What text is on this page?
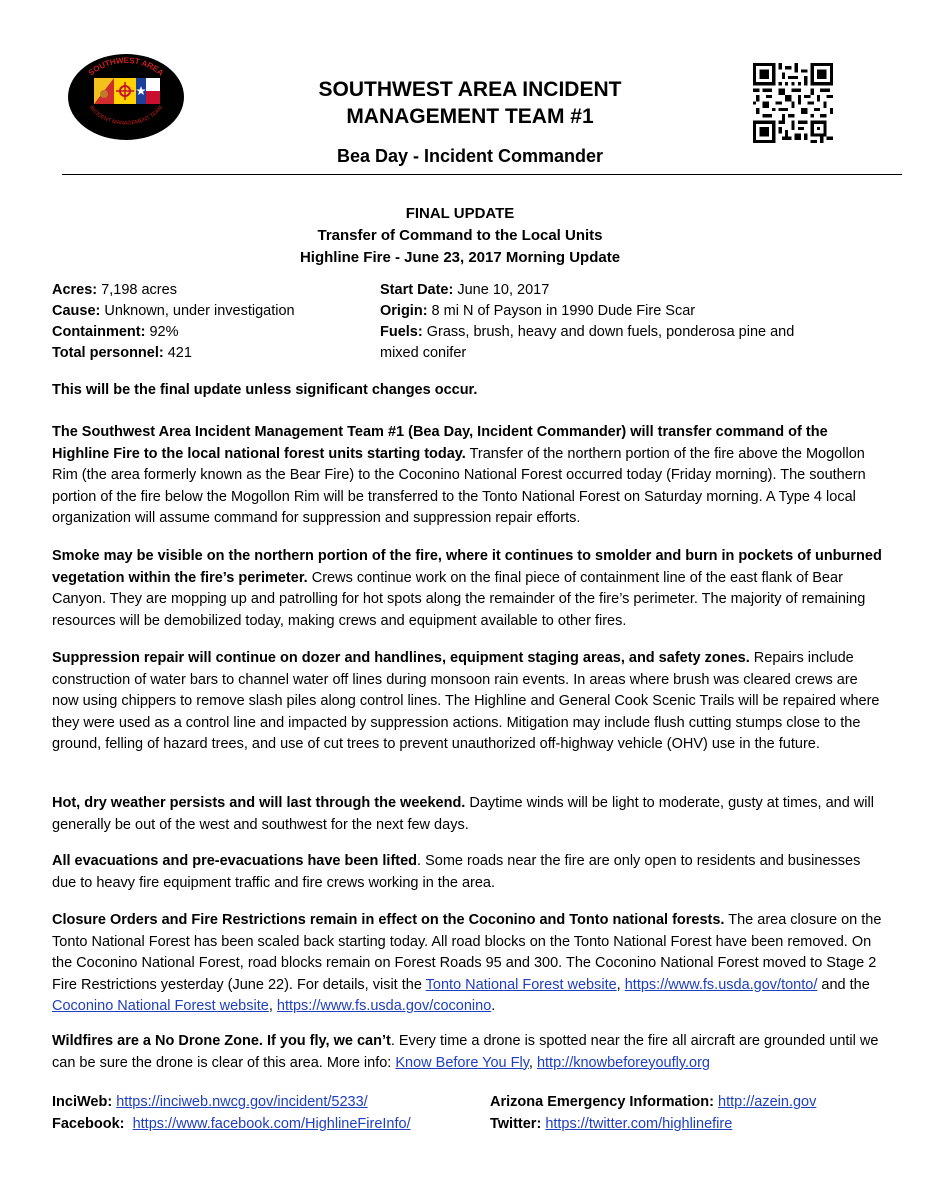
SOUTHWEST AREA
INCIDENT MANAGEMENT TEAM
SOUTHWEST AREA INCIDENT
MANAGEMENT TEAM #1
Bea Day - Incident Commander
FINAL UPDATE
Transfer of Command to the Local Units
Highline Fire - June 23, 2017 Morning Update
Acres: 7,198 acres
Cause: Unknown, under investigation
Containment: 92%
Total personnel: 421
Start Date: June 10, 2017
Origin: 8 mi N of Payson in 1990 Dude Fire Scar
Fuels: Grass, brush, heavy and down fuels, ponderosa pine and mixed conifer
This will be the final update unless significant changes occur.
The Southwest Area Incident Management Team #1 (Bea Day, Incident Commander) will transfer command of the Highline Fire to the local national forest units starting today. Transfer of the northern portion of the fire above the Mogollon Rim (the area formerly known as the Bear Fire) to the Coconino National Forest occurred today (Friday morning). The southern portion of the fire below the Mogollon Rim will be transferred to the Tonto National Forest on Saturday morning. A Type 4 local organization will assume command for suppression and suppression repair efforts.
Smoke may be visible on the northern portion of the fire, where it continues to smolder and burn in pockets of unburned vegetation within the fire’s perimeter. Crews continue work on the final piece of containment line of the east flank of Bear Canyon. They are mopping up and patrolling for hot spots along the remainder of the fire’s perimeter. The majority of remaining resources will be demobilized today, making crews and equipment available to other fires.
Suppression repair will continue on dozer and handlines, equipment staging areas, and safety zones. Repairs include construction of water bars to channel water off lines during monsoon rain events. In areas where brush was cleared crews are now using chippers to remove slash piles along control lines. The Highline and General Cook Scenic Trails will be repaired where they were used as a control line and impacted by suppression actions. Mitigation may include flush cutting stumps close to the ground, felling of hazard trees, and use of cut trees to prevent unauthorized off-highway vehicle (OHV) use in the future.
Hot, dry weather persists and will last through the weekend. Daytime winds will be light to moderate, gusty at times, and will generally be out of the west and southwest for the next few days.
All evacuations and pre-evacuations have been lifted. Some roads near the fire are only open to residents and businesses due to heavy fire equipment traffic and fire crews working in the area.
Closure Orders and Fire Restrictions remain in effect on the Coconino and Tonto national forests. The area closure on the Tonto National Forest has been scaled back starting today. All road blocks on the Tonto National Forest have been removed. On the Coconino National Forest, road blocks remain on Forest Roads 95 and 300. The Coconino National Forest moved to Stage 2 Fire Restrictions yesterday (June 22). For details, visit the Tonto National Forest website, https://www.fs.usda.gov/tonto/ and the Coconino National Forest website, https://www.fs.usda.gov/coconino.
Wildfires are a No Drone Zone. If you fly, we can’t. Every time a drone is spotted near the fire all aircraft are grounded until we can be sure the drone is clear of this area. More info: Know Before You Fly, http://knowbeforeyoufly.org
InciWeb: https://inciweb.nwcg.gov/incident/5233/
Facebook: https://www.facebook.com/HighlineFireInfo/
Arizona Emergency Information: http://azein.gov
Twitter: https://twitter.com/highlinefire
